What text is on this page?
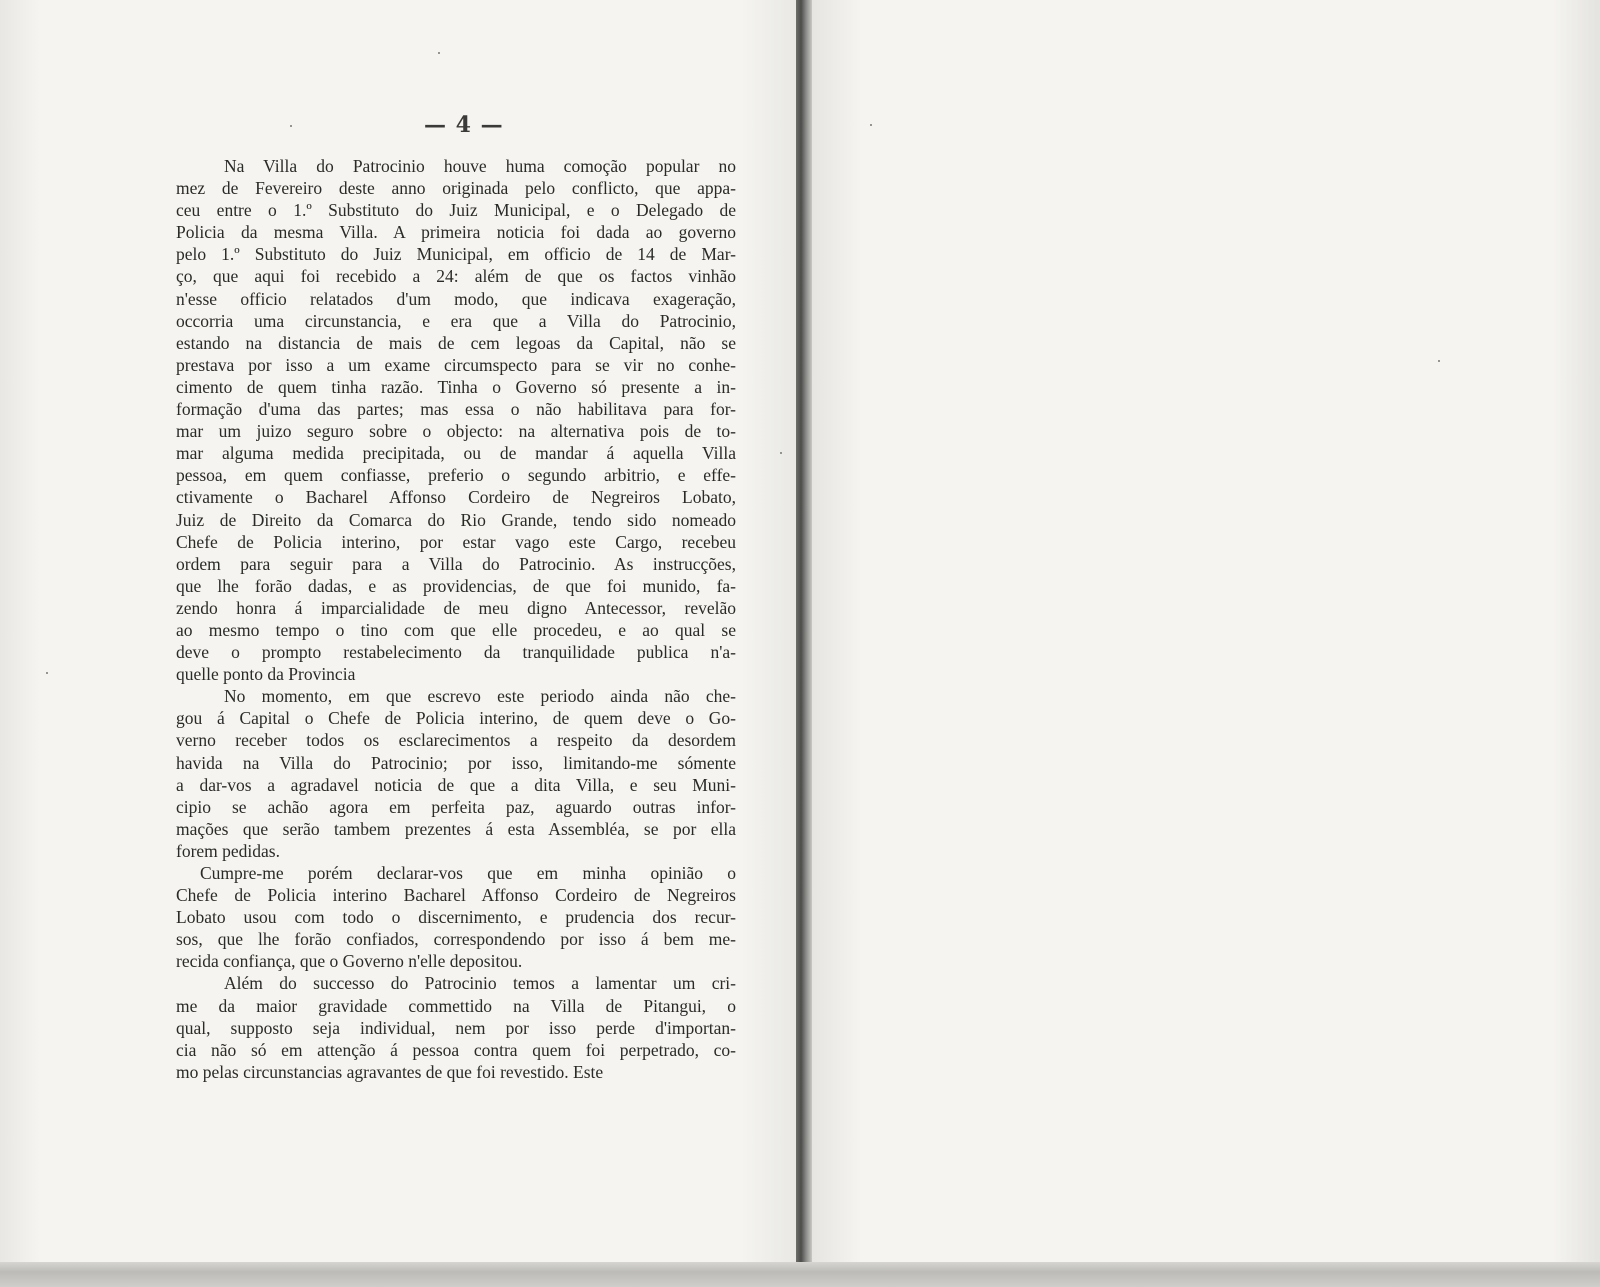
— 4 —
Na Villa do Patrocinio houve huma comoção popular no
mez de Fevereiro deste anno originada pelo conflicto, que appa-
ceu entre o 1.º Substituto do Juiz Municipal, e o Delegado de
Policia da mesma Villa. A primeira noticia foi dada ao governo
pelo 1.º Substituto do Juiz Municipal, em officio de 14 de Mar-
ço, que aqui foi recebido a 24: além de que os factos vinhão
n'esse officio relatados d'um modo, que indicava exageração,
occorria uma circunstancia, e era que a Villa do Patrocinio,
estando na distancia de mais de cem legoas da Capital, não se
prestava por isso a um exame circumspecto para se vir no conhe-
cimento de quem tinha razão. Tinha o Governo só presente a in-
formação d'uma das partes; mas essa o não habilitava para for-
mar um juizo seguro sobre o objecto: na alternativa pois de to-
mar alguma medida precipitada, ou de mandar á aquella Villa
pessoa, em quem confiasse, preferio o segundo arbitrio, e effe-
ctivamente o Bacharel Affonso Cordeiro de Negreiros Lobato,
Juiz de Direito da Comarca do Rio Grande, tendo sido nomeado
Chefe de Policia interino, por estar vago este Cargo, recebeu
ordem para seguir para a Villa do Patrocinio. As instrucções,
que lhe forão dadas, e as providencias, de que foi munido, fa-
zendo honra á imparcialidade de meu digno Antecessor, revelão
ao mesmo tempo o tino com que elle procedeu, e ao qual se
deve o prompto restabelecimento da tranquilidade publica n'a-
quelle ponto da Provincia
No momento, em que escrevo este periodo ainda não che-
gou á Capital o Chefe de Policia interino, de quem deve o Go-
verno receber todos os esclarecimentos a respeito da desordem
havida na Villa do Patrocinio; por isso, limitando-me sómente
a dar-vos a agradavel noticia de que a dita Villa, e seu Muni-
cipio se achão agora em perfeita paz, aguardo outras infor-
mações que serão tambem prezentes á esta Assembléa, se por ella
forem pedidas.
Cumpre-me porém declarar-vos que em minha opinião o
Chefe de Policia interino Bacharel Affonso Cordeiro de Negreiros
Lobato usou com todo o discernimento, e prudencia dos recur-
sos, que lhe forão confiados, correspondendo por isso á bem me-
recida confiança, que o Governo n'elle depositou.
Além do successo do Patrocinio temos a lamentar um cri-
me da maior gravidade commettido na Villa de Pitangui, o
qual, supposto seja individual, nem por isso perde d'importan-
cia não só em attenção á pessoa contra quem foi perpetrado, co-
mo pelas circunstancias agravantes de que foi revestido. Este
